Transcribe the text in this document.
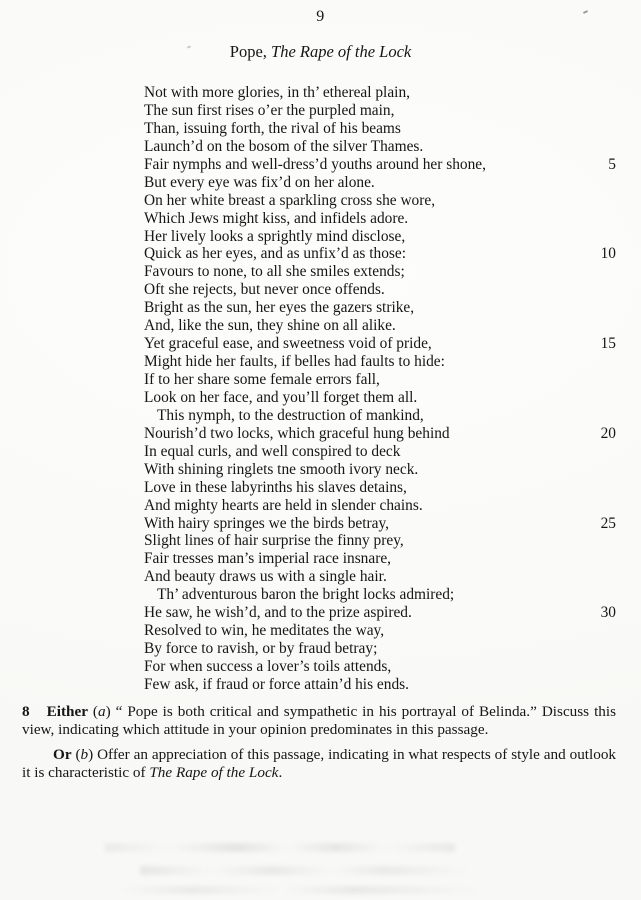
9
Pope, The Rape of the Lock
Not with more glories, in th’ ethereal plain,
The sun first rises o’er the purpled main,
Than, issuing forth, the rival of his beams
Launch’d on the bosom of the silver Thames.
Fair nymphs and well-dress’d youths around her shone,	5
But every eye was fix’d on her alone.
On her white breast a sparkling cross she wore,
Which Jews might kiss, and infidels adore.
Her lively looks a sprightly mind disclose,
Quick as her eyes, and as unfix’d as those:	10
Favours to none, to all she smiles extends;
Oft she rejects, but never once offends.
Bright as the sun, her eyes the gazers strike,
And, like the sun, they shine on all alike.
Yet graceful ease, and sweetness void of pride,	15
Might hide her faults, if belles had faults to hide:
If to her share some female errors fall,
Look on her face, and you’ll forget them all.
This nymph, to the destruction of mankind,
Nourish’d two locks, which graceful hung behind	20
In equal curls, and well conspired to deck
With shining ringlets tne smooth ivory neck.
Love in these labyrinths his slaves detains,
And mighty hearts are held in slender chains.
With hairy springes we the birds betray,	25
Slight lines of hair surprise the finny prey,
Fair tresses man’s imperial race insnare,
And beauty draws us with a single hair.
Th’ adventurous baron the bright locks admired;
He saw, he wish’d, and to the prize aspired.	30
Resolved to win, he meditates the way,
By force to ravish, or by fraud betray;
For when success a lover’s toils attends,
Few ask, if fraud or force attain’d his ends.

8 Either (a) “ Pope is both critical and sympathetic in his portrayal of Belinda.” Discuss this view, indicating which attitude in your opinion predominates in this passage.

Or (b) Offer an appreciation of this passage, indicating in what respects of style and outlook it is characteristic of The Rape of the Lock.
